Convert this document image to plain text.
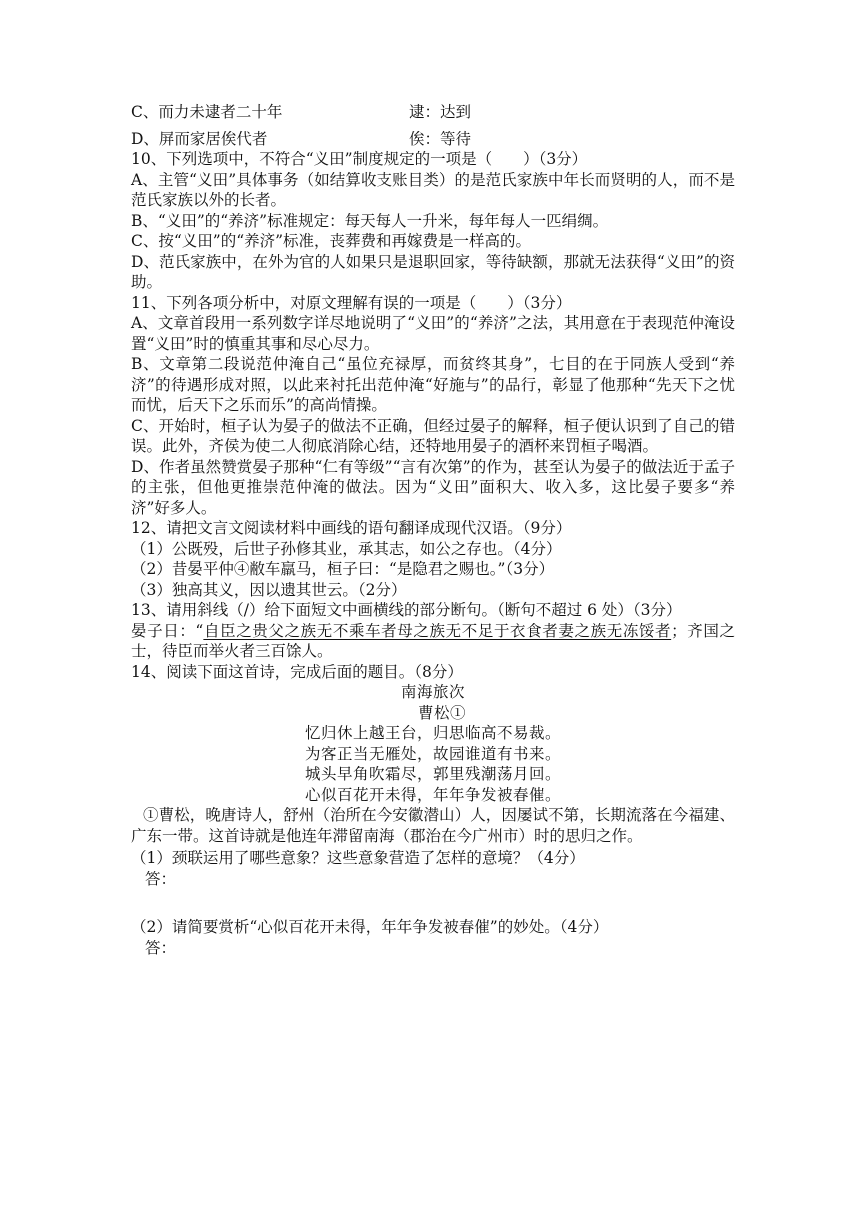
C、而力未逮者二十年	逮：达到
D、屏而家居俟代者	俟：等待
10、下列选项中，不符合“义田”制度规定的一项是（　　）（3分）
A、主管“义田”具体事务（如结算收支账目类）的是范氏家族中年长而贤明的人，而不是范氏家族以外的长者。
B、“义田”的“养济”标准规定：每天每人一升米，每年每人一匹绢绸。
C、按“义田”的“养济”标准，丧葬费和再嫁费是一样高的。
D、范氏家族中，在外为官的人如果只是退职回家，等待缺额，那就无法获得“义田”的资助。
11、下列各项分析中，对原文理解有误的一项是（　　）（3分）
A、文章首段用一系列数字详尽地说明了“义田”的“养济”之法，其用意在于表现范仲淹设置“义田”时的慎重其事和尽心尽力。
B、文章第二段说范仲淹自己“虽位充禄厚，而贫终其身”，七目的在于同族人受到“养济”的待遇形成对照，以此来衬托出范仲淹“好施与”的品行，彰显了他那种“先天下之忧而忧，后天下之乐而乐”的高尚情操。
C、开始时，桓子认为晏子的做法不正确，但经过晏子的解释，桓子便认识到了自己的错误。此外，齐侯为使二人彻底消除心结，还特地用晏子的酒杯来罚桓子喝酒。
D、作者虽然赞赏晏子那种“仁有等级”“言有次第”的作为，甚至认为晏子的做法近于孟子的主张，但他更推崇范仲淹的做法。因为“义田”面积大、收入多，这比晏子要多“养济”好多人。
12、请把文言文阅读材料中画线的语句翻译成现代汉语。（9分）
（1）公既殁，后世子孙修其业，承其志，如公之存也。（4分）
（2）昔晏平仲④敝车羸马，桓子曰：“是隐君之赐也。”（3分）
（3）独高其义，因以遗其世云。（2分）
13、请用斜线（/）给下面短文中画横线的部分断句。（断句不超过 6 处）（3分）
晏子日：“自臣之贵父之族无不乘车者母之族无不足于衣食者妻之族无冻馁者；齐国之士，待臣而举火者三百馀人。
14、阅读下面这首诗，完成后面的题目。（8分）
南海旅次
曹松①
忆归休上越王台，归思临高不易裁。
为客正当无雁处，故园谁道有书来。
城头早角吹霜尽，郭里残潮荡月回。
心似百花开未得，年年争发被春催。
①曹松，晚唐诗人，舒州（治所在今安徽潜山）人，因屡试不第，长期流落在今福建、广东一带。这首诗就是他连年滞留南海（郡治在今广州市）时的思归之作。
（1）颈联运用了哪些意象？这些意象营造了怎样的意境？（4分）
答：
（2）请简要赏析“心似百花开未得，年年争发被春催”的妙处。（4分）
答：
